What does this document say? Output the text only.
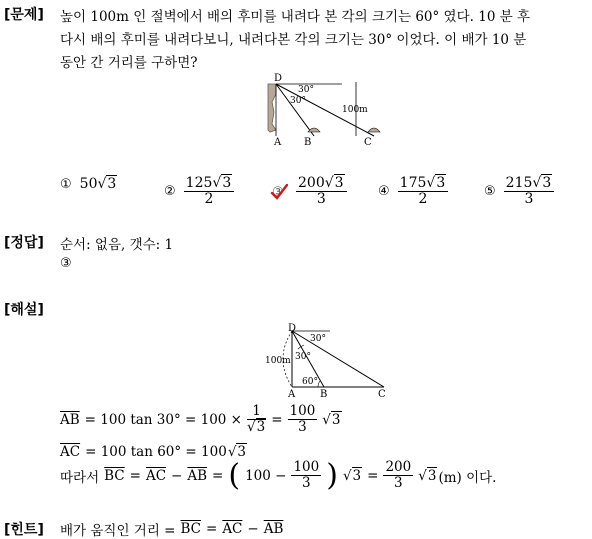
[문제] 높이 100m 인 절벽에서 배의 후미를 내려다 본 각의 크기는 60° 였다. 10 분 후
다시 배의 후미를 내려다보니, 내려다본 각의 크기는 30° 이었다. 이 배가 10 분
동안 간 거리를 구하면?
D
A B	C
30°
30°
100m
① 50√3	② $\frac{125√3}{2}$	③ $\frac{200√3}{3}$ ④ $\frac{175√3}{2}$	⑤ $\frac{215√3}{3}$
[정답] 순서: 없음, 갯수: 1
③
[해설]
D
A B	C
30°
30°
60°
100m
$\overline{AB} = 100$ $\tan 30^\circ = 100 \times \frac{1}{√3} = \frac{100}{3} √3$
$\overline{AC} = 100$ tan 60° = 100 √3
따라서 $\overline{BC} = \overline{AC} - \overline{AB}$ = ( $100 - \frac{100}{3}$ ) $√3 = \frac{200}{3} √3$ (m) 이다.
[힌트] 배가 움직인 거리 = $\overline{BC} = \overline{AC} - \overline{AB}$
